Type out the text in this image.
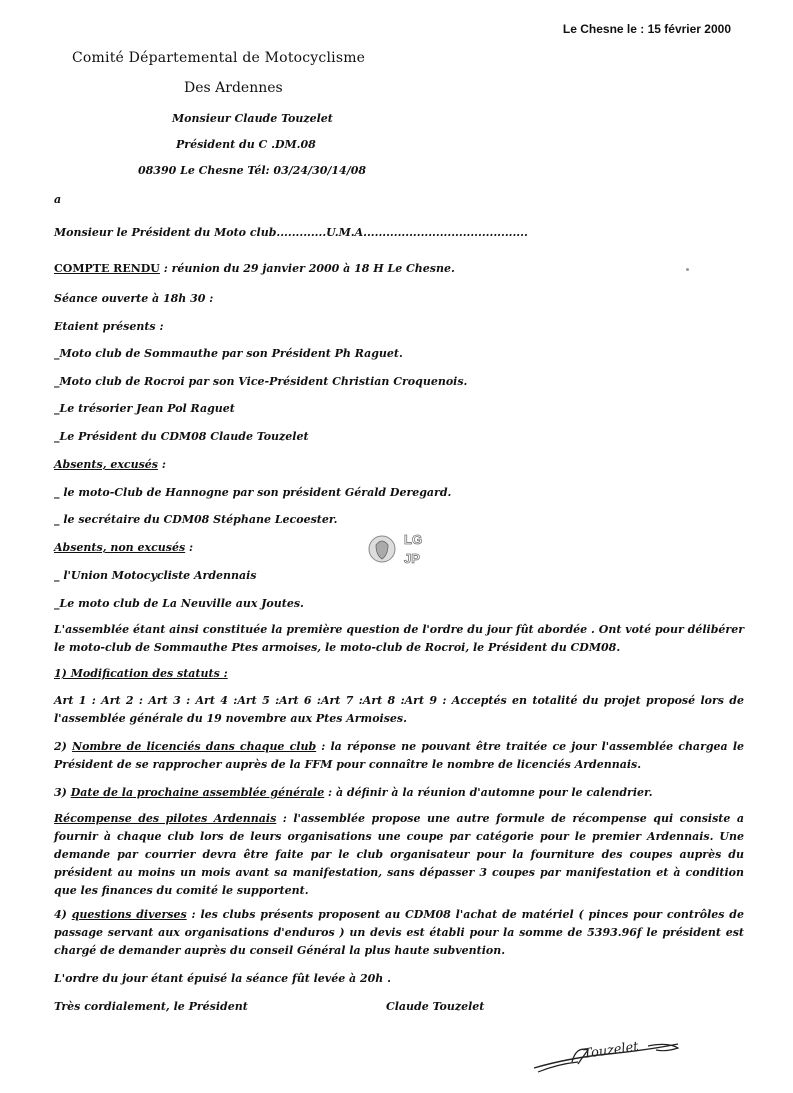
Le Chesne le : 15 février 2000
Comité Départemental de Motocyclisme
Des Ardennes
Monsieur Claude Touzelet
Président du C .DM.08
08390 Le Chesne Tél: 03/24/30/14/08
a
Monsieur le Président du Moto club.............U.M.A...........................................
COMPTE RENDU : réunion du 29 janvier 2000 à 18 H Le Chesne.
Séance ouverte à 18h 30 :
Etaient présents :
_Moto club de Sommauthe par son Président Ph Raguet.
_Moto club de Rocroi par son Vice-Président Christian Croquenois.
_Le trésorier Jean Pol Raguet
_Le Président du CDM08 Claude Touzelet
Absents, excusés :
_ le moto-Club de Hannogne par son président Gérald Deregard.
_ le secrétaire du CDM08 Stéphane Lecoester.
Absents, non excusés :
_ l'Union Motocycliste Ardennais
_Le moto club de La Neuville aux Joutes.
LG
JP
L'assemblée étant ainsi constituée la première question de l'ordre du jour fût abordée . Ont voté pour délibérer le moto-club de Sommauthe Ptes armoises, le moto-club de Rocroi, le Président du CDM08.
1) Modification des statuts :
Art 1 : Art 2 : Art 3 : Art 4 :Art 5 :Art 6 :Art 7 :Art 8 :Art 9 : Acceptés en totalité du projet proposé lors de l'assemblée générale du 19 novembre aux Ptes Armoises.
2) Nombre de licenciés dans chaque club : la réponse ne pouvant être traitée ce jour l'assemblée chargea le Président de se rapprocher auprès de la FFM pour connaître le nombre de licenciés Ardennais.
3) Date de la prochaine assemblée générale : à définir à la réunion d'automne pour le calendrier.
Récompense des pilotes Ardennais : l'assemblée propose une autre formule de récompense qui consiste a fournir à chaque club lors de leurs organisations une coupe par catégorie pour le premier Ardennais. Une demande par courrier devra être faite par le club organisateur pour la fourniture des coupes auprès du président au moins un mois avant sa manifestation, sans dépasser 3 coupes par manifestation et à condition que les finances du comité le supportent.
4) questions diverses : les clubs présents proposent au CDM08 l'achat de matériel ( pinces pour contrôles de passage servant aux organisations d'enduros ) un devis est établi pour la somme de 5393.96f le président est chargé de demander auprès du conseil Général la plus haute subvention.
L'ordre du jour étant épuisé la séance fût levée à 20h .
Très cordialement, le Président	Claude Touzelet
Touzelet
